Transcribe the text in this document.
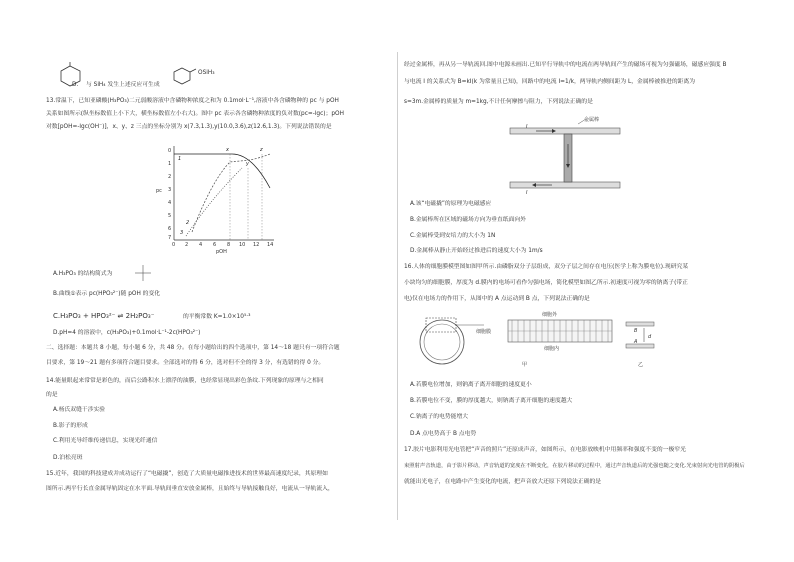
D. 与 SiH₄ 发生上述反应可生成
OSiH₃
13.常温下，已知亚磷酸(H₃PO₃)二元弱酸溶液中含磷物种浓度之和为 0.1mol·L⁻¹,溶液中各含磷物种的 pc 与 pOH
关系如图所示(纵坐标数值上小下大，横坐标数值左小右大)。图中 pc 表示各含磷物种浓度的负对数(pc=-lgc)；pOH
对数[pOH=-lgc(OH⁻)]，x、y、z 三点的坐标分别为 x(7.3,1.3),y(10.0,3.6),z(12.6,1.3)。下列说法错误的是
0 2 4 6 8 10 12 14
0
1
2
3
4
5
6
7
pOH
pc
x
y
z
1
2
3
A.H₃PO₃ 的结构简式为
B.曲线①表示 pc(HPO₃²⁻)随 pOH 的变化
C.H₃PO₃ + HPO₃²⁻ ⇌ 2H₂PO₃⁻	的平衡常数 K=1.0×10⁵·³
D.pH=4 的溶液中，c(H₃PO₃)+0.1mol·L⁻¹-2c(HPO₃²⁻)
二、选择题：本题共 8 小题，每小题 6 分，共 48 分。在每小题给出的四个选项中，第 14～18 题只有一项符合题
目要求，第 19～21 题有多项符合题目要求。全部选对的得 6 分，选对但不全的得 3 分，有选错的得 0 分。
14.能量眼起来常常是彩色的，而后公路积水上漂浮的油膜，也经常显现出彩色条纹.下列现象的原理与之相同
的是
A.杨氏双缝干涉实验
B.影子的形成
C.利用光导纤维传递信息，实现光纤通信
D.泊松亮斑
15.近年，我国的科技建成并成功运行了“电磁撬”，创造了大质量电磁推进技术的世界最高速度纪录，其原理如
图所示.两平行长直金属导轨固定在水平面.导轨间垂直安放金属棒，且始终与导轨接触良好，电流从一导轨流入，
经过金属棒，再从另一导轨流回.图中电源未画出.已知平行导轨中的电流在两导轨间产生的磁场可视为匀强磁场，磁感应强度 B
与电流 I 的关系式为 B=kI(k 为常量且已知)，回路中的电流 I=1/k，两导轨内侧间距为 L，金属棒被推进的距离为
s=3m.金属棒的质量为 m=1kg,不计任何摩擦与阻力，下列说法正确的是
金属棒
I
I
A.该“电磁撬”的原理为电磁感应
B.金属棒所在区域的磁场方向为垂直纸面向外
C.金属棒受到安培力的大小为 1N
D.金属棒从静止开始经过推进后的速度大小为 1m/s
16.人体的细胞膜模型图如图甲所示.由磷脂双分子层组成，双分子层之间存在电压(医学上称为膜电位).现研究某
小块均匀的细胞膜，厚度为 d.膜内的电场可看作匀强电场，简化模型如图乙所示.初速度可视为零的钠离子(带正
电)仅在电场力的作用下，从图中的 A 点运动到 B 点，下列说法正确的是
细胞外
细胞膜
细胞内
甲
B
A
d
乙
A.若膜电位增加，则钠离子离开细胞的速度更小
B.若膜电位不变，膜的厚度越大，则钠离子离开细胞的速度越大
C.钠离子的电势能增大
D.A 点电势高于 B 点电势
17.胶片电影利用光电管把“声音的照片”还原成声音，如图所示，在电影放映机中用频率和强度不变的一极窄光
束照射声音轨道，由于影片移动，声音轨道的宽度在不断变化，在胶片移动的过程中，通过声音轨道后的光强也随之变化.光束射向光电管的阴极后
就能出光电子，在电路中产生变化的电流，把声音放大还原下列说法正确的是
